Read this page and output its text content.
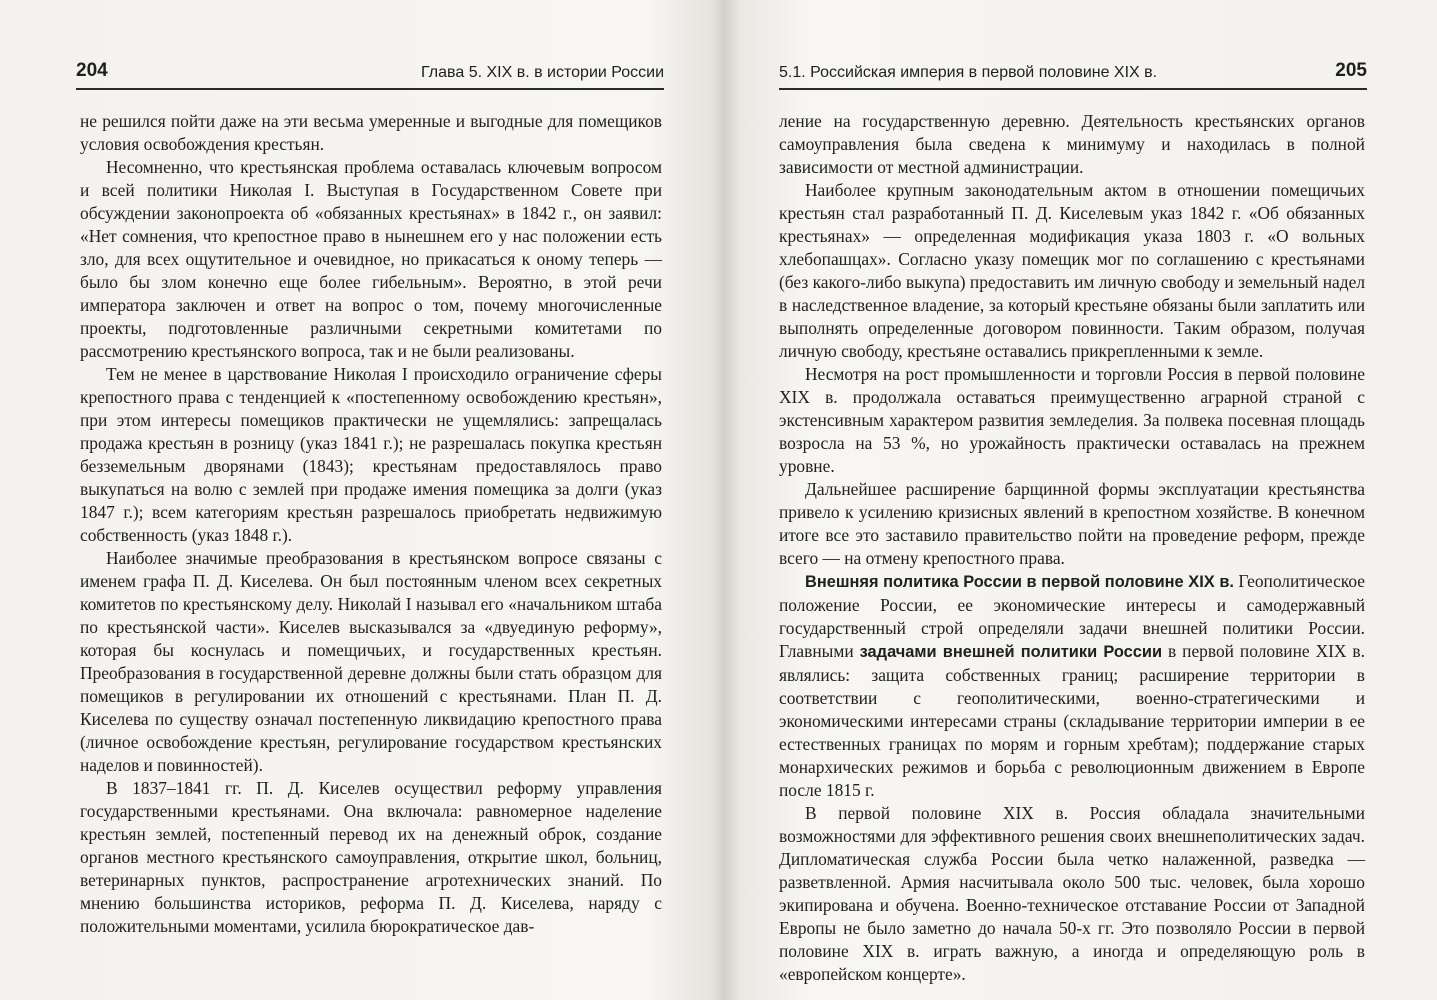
204	Глава 5. XIX в. в истории России

не решился пойти даже на эти весьма умеренные и выгодные для помещиков условия освобождения крестьян.

Несомненно, что крестьянская проблема оставалась ключевым вопросом и всей политики Николая I. Выступая в Государственном Совете при обсуждении законопроекта об «обязанных крестьянах» в 1842 г., он заявил: «Нет сомнения, что крепостное право в нынешнем его у нас положении есть зло, для всех ощутительное и очевидное, но прикасаться к оному теперь — было бы злом конечно еще более гибельным». Вероятно, в этой речи императора заключен и ответ на вопрос о том, почему многочисленные проекты, подготовленные различными секретными комитетами по рассмотрению крестьянского вопроса, так и не были реализованы.

Тем не менее в царствование Николая I происходило ограничение сферы крепостного права с тенденцией к «постепенному освобождению крестьян», при этом интересы помещиков практически не ущемлялись: запрещалась продажа крестьян в розницу (указ 1841 г.); не разрешалась покупка крестьян безземельным дворянами (1843); крестьянам предоставлялось право выкупаться на волю с землей при продаже имения помещика за долги (указ 1847 г.); всем категориям крестьян разрешалось приобретать недвижимую собственность (указ 1848 г.).

Наиболее значимые преобразования в крестьянском вопросе связаны с именем графа П. Д. Киселева. Он был постоянным членом всех секретных комитетов по крестьянскому делу. Николай I называл его «начальником штаба по крестьянской части». Киселев высказывался за «двуединую реформу», которая бы коснулась и помещичьих, и государственных крестьян. Преобразования в государственной деревне должны были стать образцом для помещиков в регулировании их отношений с крестьянами. План П. Д. Киселева по существу означал постепенную ликвидацию крепостного права (личное освобождение крестьян, регулирование государством крестьянских наделов и повинностей).

В 1837–1841 гг. П. Д. Киселев осуществил реформу управления государственными крестьянами. Она включала: равномерное наделение крестьян землей, постепенный перевод их на денежный оброк, создание органов местного крестьянского самоуправления, открытие школ, больниц, ветеринарных пунктов, распространение агротехнических знаний. По мнению большинства историков, реформа П. Д. Киселева, наряду с положительными моментами, усилила бюрократическое дав-

5.1. Российская империя в первой половине XIX в.	205

ление на государственную деревню. Деятельность крестьянских органов самоуправления была сведена к минимуму и находилась в полной зависимости от местной администрации.

Наиболее крупным законодательным актом в отношении помещичьих крестьян стал разработанный П. Д. Киселевым указ 1842 г. «Об обязанных крестьянах» — определенная модификация указа 1803 г. «О вольных хлебопашцах». Согласно указу помещик мог по соглашению с крестьянами (без какого-либо выкупа) предоставить им личную свободу и земельный надел в наследственное владение, за который крестьяне обязаны были заплатить или выполнять определенные договором повинности. Таким образом, получая личную свободу, крестьяне оставались прикрепленными к земле.

Несмотря на рост промышленности и торговли Россия в первой половине XIX в. продолжала оставаться преимущественно аграрной страной с экстенсивным характером развития земледелия. За полвека посевная площадь возросла на 53 %, но урожайность практически оставалась на прежнем уровне.

Дальнейшее расширение барщинной формы эксплуатации крестьянства привело к усилению кризисных явлений в крепостном хозяйстве. В конечном итоге все это заставило правительство пойти на проведение реформ, прежде всего — на отмену крепостного права.

Внешняя политика России в первой половине XIX в. Геополитическое положение России, ее экономические интересы и самодержавный государственный строй определяли задачи внешней политики России. Главными задачами внешней политики России в первой половине XIX в. являлись: защита собственных границ; расширение территории в соответствии с геополитическими, военно-стратегическими и экономическими интересами страны (складывание территории империи в ее естественных границах по морям и горным хребтам); поддержание старых монархических режимов и борьба с революционным движением в Европе после 1815 г.

В первой половине XIX в. Россия обладала значительными возможностями для эффективного решения своих внешнеполитических задач. Дипломатическая служба России была четко налаженной, разведка — разветвленной. Армия насчитывала около 500 тыс. человек, была хорошо экипирована и обучена. Военно-техническое отставание России от Западной Европы не было заметно до начала 50-х гг. Это позволяло России в первой половине XIX в. играть важную, а иногда и определяющую роль в «европейском концерте».
